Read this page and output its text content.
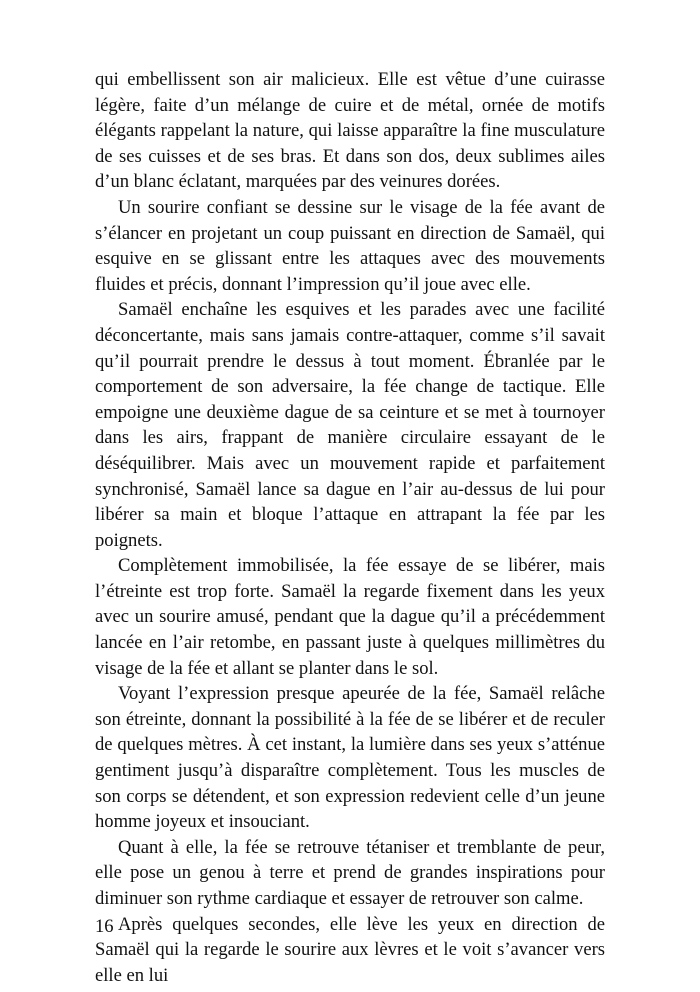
qui embellissent son air malicieux. Elle est vêtue d’une cuirasse légère, faite d’un mélange de cuire et de métal, ornée de motifs élégants rappelant la nature, qui laisse apparaître la fine musculature de ses cuisses et de ses bras. Et dans son dos, deux sublimes ailes d’un blanc éclatant, marquées par des veinures dorées.

Un sourire confiant se dessine sur le visage de la fée avant de s’élancer en projetant un coup puissant en direction de Samaël, qui esquive en se glissant entre les attaques avec des mouvements fluides et précis, donnant l’impression qu’il joue avec elle.

Samaël enchaîne les esquives et les parades avec une facilité déconcertante, mais sans jamais contre-attaquer, comme s’il savait qu’il pourrait prendre le dessus à tout moment. Ébranlée par le comportement de son adversaire, la fée change de tactique. Elle empoigne une deuxième dague de sa ceinture et se met à tournoyer dans les airs, frappant de manière circulaire essayant de le déséquilibrer. Mais avec un mouvement rapide et parfaitement synchronisé, Samaël lance sa dague en l’air au-dessus de lui pour libérer sa main et bloque l’attaque en attrapant la fée par les poignets.

Complètement immobilisée, la fée essaye de se libérer, mais l’étreinte est trop forte. Samaël la regarde fixement dans les yeux avec un sourire amusé, pendant que la dague qu’il a précédemment lancée en l’air retombe, en passant juste à quelques millimètres du visage de la fée et allant se planter dans le sol.

Voyant l’expression presque apeurée de la fée, Samaël relâche son étreinte, donnant la possibilité à la fée de se libérer et de reculer de quelques mètres. À cet instant, la lumière dans ses yeux s’atténue gentiment jusqu’à disparaître complètement. Tous les muscles de son corps se détendent, et son expression redevient celle d’un jeune homme joyeux et insouciant.

Quant à elle, la fée se retrouve tétaniser et tremblante de peur, elle pose un genou à terre et prend de grandes inspirations pour diminuer son rythme cardiaque et essayer de retrouver son calme.

Après quelques secondes, elle lève les yeux en direction de Samaël qui la regarde le sourire aux lèvres et le voit s’avancer vers elle en lui

16
